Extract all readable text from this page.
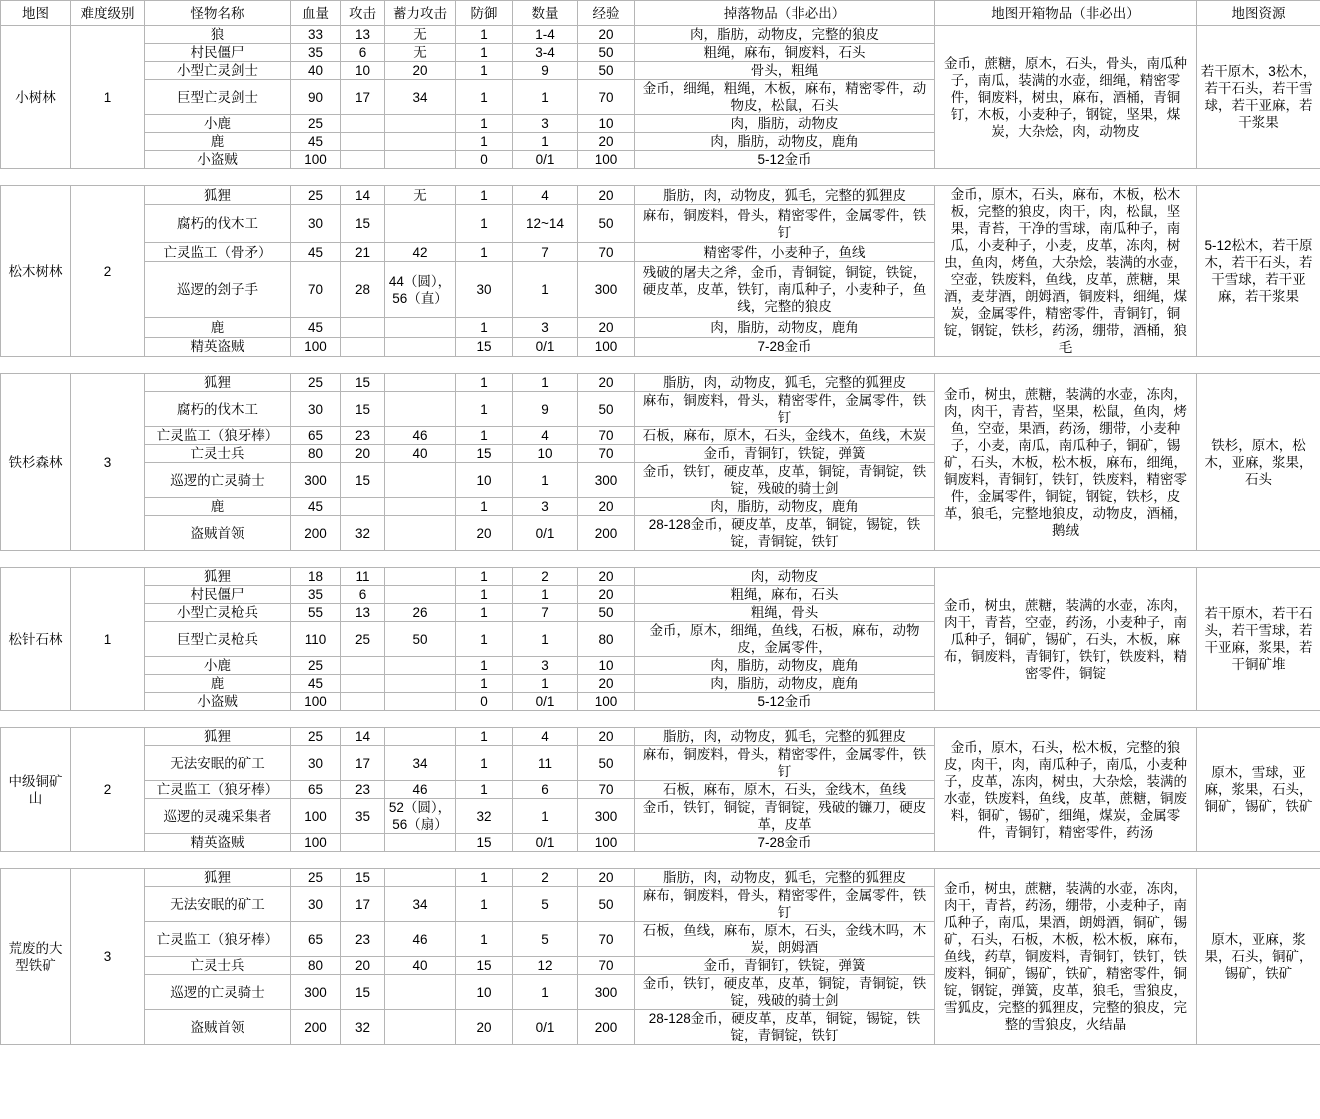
地图	难度级别	怪物名称	血量	攻击	蓄力攻击	防御	数量	经验	掉落物品（非必出）	地图开箱物品（非必出）	地图资源
小树林	1	狼	33	13	无	1	1-4	20	肉，脂肪，动物皮，完整的狼皮	金币，蔗糖，原木，石头，骨头，南瓜种子，南瓜，装满的水壶，细绳，精密零件，铜废料，树虫，麻布，酒桶，青铜钉，木板，小麦种子，钢锭，坚果，煤炭，大杂烩，肉，动物皮	若干原木，3松木，若干石头，若干雪球，若干亚麻，若干浆果
		村民僵尸	35	6	无	1	3-4	50	粗绳，麻布，铜废料，石头		
		小型亡灵剑士	40	10	20	1	9	50	骨头，粗绳		
		巨型亡灵剑士	90	17	34	1	1	70	金币，细绳，粗绳，木板，麻布，精密零件，动物皮，松鼠，石头		
		小鹿	25			1	3	10	肉，脂肪，动物皮		
		鹿	45			1	1	20	肉，脂肪，动物皮，鹿角		
		小盗贼	100			0	0/1	100	5-12金币		
松木树林	2	狐狸	25	14	无	1	4	20	脂肪，肉，动物皮，狐毛，完整的狐狸皮	金币，原木，石头，麻布，木板，松木板，完整的狼皮，肉干，肉，松鼠，坚果，青苔，干净的雪球，南瓜种子，南瓜，小麦种子，小麦，皮革，冻肉，树虫，鱼肉，烤鱼，大杂烩，装满的水壶，空壶，铁废料，鱼线，皮革，蔗糖，果酒，麦芽酒，朗姆酒，铜废料，细绳，煤炭，金属零件，精密零件，青铜钉，铜锭，钢锭，铁杉，药汤，绷带，酒桶，狼毛	5-12松木，若干原木，若干石头，若干雪球，若干亚麻，若干浆果
		腐朽的伐木工	30	15		1	12~14	50	麻布，铜废料，骨头，精密零件，金属零件，铁钉		
		亡灵监工（骨矛）	45	21	42	1	7	70	精密零件，小麦种子，鱼线		
		巡逻的刽子手	70	28	44（圆），56（直）	30	1	300	残破的屠夫之斧，金币，青铜锭，铜锭，铁锭，硬皮革，皮革，铁钉，南瓜种子，小麦种子，鱼线，完整的狼皮		
		鹿	45			1	3	20	肉，脂肪，动物皮，鹿角		
		精英盗贼	100			15	0/1	100	7-28金币		
铁杉森林	3	狐狸	25	15		1	1	20	脂肪，肉，动物皮，狐毛，完整的狐狸皮	金币，树虫，蔗糖，装满的水壶，冻肉，肉，肉干，青苔，坚果，松鼠，鱼肉，烤鱼，空壶，果酒，药汤，绷带，小麦种子，小麦，南瓜，南瓜种子，铜矿，锡矿，石头，木板，松木板，麻布，细绳，铜废料，青铜钉，铁钉，铁废料，精密零件，金属零件，铜锭，钢锭，铁杉，皮革，狼毛，完整地狼皮，动物皮，酒桶，鹅绒	铁杉，原木，松木，亚麻，浆果，石头
		腐朽的伐木工	30	15		1	9	50	麻布，铜废料，骨头，精密零件，金属零件，铁钉		
		亡灵监工（狼牙棒）	65	23	46	1	4	70	石板，麻布，原木，石头，金线木，鱼线，木炭		
		亡灵士兵	80	20	40	15	10	70	金币，青铜钉，铁锭，弹簧		
		巡逻的亡灵骑士	300	15		10	1	300	金币，铁钉，硬皮革，皮革，铜锭，青铜锭，铁锭，残破的骑士剑		
		鹿	45			1	3	20	肉，脂肪，动物皮，鹿角		
		盗贼首领	200	32		20	0/1	200	28-128金币，硬皮革，皮革，铜锭，锡锭，铁锭，青铜锭，铁钉		
松针石林	1	狐狸	18	11		1	2	20	肉，动物皮	金币，树虫，蔗糖，装满的水壶，冻肉，肉干，青苔，空壶，药汤，小麦种子，南瓜种子，铜矿，锡矿，石头，木板，麻布，铜废料，青铜钉，铁钉，铁废料，精密零件，铜锭	若干原木，若干石头，若干雪球，若干亚麻，浆果，若干铜矿堆
		村民僵尸	35	6		1	1	20	粗绳，麻布，石头		
		小型亡灵枪兵	55	13	26	1	7	50	粗绳，骨头		
		巨型亡灵枪兵	110	25	50	1	1	80	金币，原木，细绳，鱼线，石板，麻布，动物皮，金属零件，		
		小鹿	25			1	3	10	肉，脂肪，动物皮，鹿角		
		鹿	45			1	1	20	肉，脂肪，动物皮，鹿角		
		小盗贼	100			0	0/1	100	5-12金币		
中级铜矿山	2	狐狸	25	14		1	4	20	脂肪，肉，动物皮，狐毛，完整的狐狸皮	金币，原木，石头，松木板，完整的狼皮，肉干，肉，南瓜种子，南瓜，小麦种子，皮革，冻肉，树虫，大杂烩，装满的水壶，铁废料，鱼线，皮革，蔗糖，铜废料，铜矿，锡矿，细绳，煤炭，金属零件，青铜钉，精密零件，药汤	原木，雪球，亚麻，浆果，石头，铜矿，锡矿，铁矿
		无法安眠的矿工	30	17	34	1	11	50	麻布，铜废料，骨头，精密零件，金属零件，铁钉		
		亡灵监工（狼牙棒）	65	23	46	1	6	70	石板，麻布，原木，石头，金线木，鱼线		
		巡逻的灵魂采集者	100	35	52（圆），56（扇）	32	1	300	金币，铁钉，铜锭，青铜锭，残破的镰刀，硬皮革，皮革		
		精英盗贼	100			15	0/1	100	7-28金币		
荒废的大型铁矿	3	狐狸	25	15		1	2	20	脂肪，肉，动物皮，狐毛，完整的狐狸皮	金币，树虫，蔗糖，装满的水壶，冻肉，肉干，青苔，药汤，绷带，小麦种子，南瓜种子，南瓜，果酒，朗姆酒，铜矿，锡矿，石头，石板，木板，松木板，麻布，鱼线，药草，铜废料，青铜钉，铁钉，铁废料，铜矿，锡矿，铁矿，精密零件，铜锭，钢锭，弹簧，皮革，狼毛，雪狼皮，雪狐皮，完整的狐狸皮，完整的狼皮，完整的雪狼皮，火结晶	原木，亚麻，浆果，石头，铜矿，锡矿，铁矿
		无法安眠的矿工	30	17	34	1	5	50	麻布，铜废料，骨头，精密零件，金属零件，铁钉		
		亡灵监工（狼牙棒）	65	23	46	1	5	70	石板，鱼线，麻布，原木，石头，金线木吗，木炭，朗姆酒		
		亡灵士兵	80	20	40	15	12	70	金币，青铜钉，铁锭，弹簧		
		巡逻的亡灵骑士	300	15		10	1	300	金币，铁钉，硬皮革，皮革，铜锭，青铜锭，铁锭，残破的骑士剑		
		盗贼首领	200	32		20	0/1	200	28-128金币，硬皮革，皮革，铜锭，锡锭，铁锭，青铜锭，铁钉		
